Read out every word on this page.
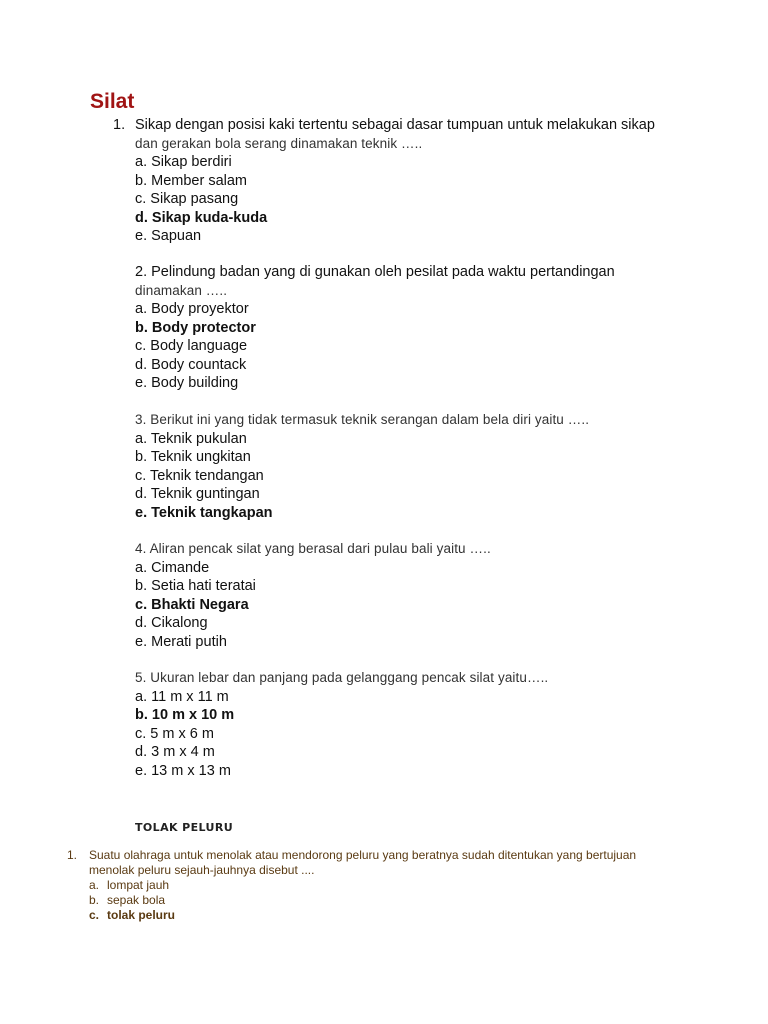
Silat
1. Sikap dengan posisi kaki tertentu sebagai dasar tumpuan untuk melakukan sikap
dan gerakan bola serang dinamakan teknik …..
a. Sikap berdiri
b. Member salam
c. Sikap pasang
d. Sikap kuda-kuda
e. Sapuan
2. Pelindung badan yang di gunakan oleh pesilat pada waktu pertandingan
dinamakan …..
a. Body proyektor
b. Body protector
c. Body language
d. Body countack
e. Body building
3. Berikut ini yang tidak termasuk teknik serangan dalam bela diri yaitu …..
a. Teknik pukulan
b. Teknik ungkitan
c. Teknik tendangan
d. Teknik guntingan
e. Teknik tangkapan
4. Aliran pencak silat yang berasal dari pulau bali yaitu …..
a. Cimande
b. Setia hati teratai
c. Bhakti Negara
d. Cikalong
e. Merati putih
5. Ukuran lebar dan panjang pada gelanggang pencak silat yaitu…..
a. 11 m x 11 m
b. 10 m x 10 m
c. 5 m x 6 m
d. 3 m x 4 m
e. 13 m x 13 m
TOLAK PELURU
1. Suatu olahraga untuk menolak atau mendorong peluru yang beratnya sudah ditentukan yang bertujuan
menolak peluru sejauh-jauhnya disebut ....
a. lompat jauh
b. sepak bola
c. tolak peluru
